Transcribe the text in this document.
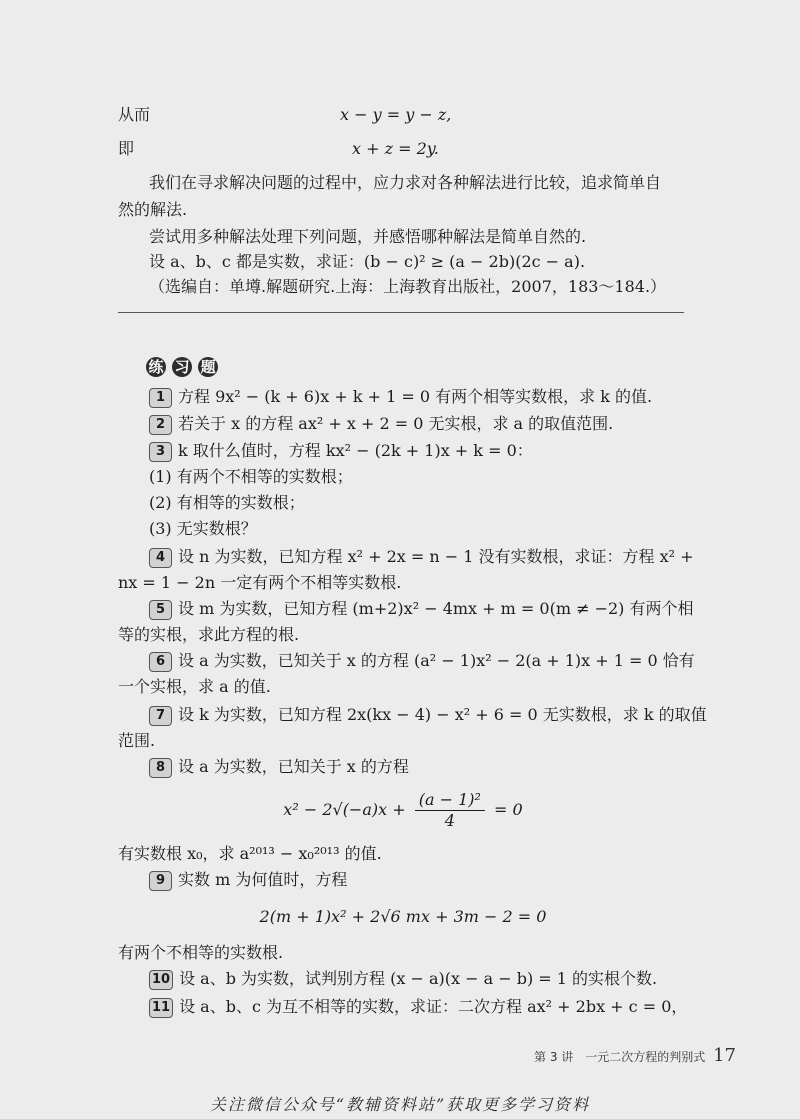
从而	x − y = y − z,
即	x + z = 2y.
我们在寻求解决问题的过程中，应力求对各种解法进行比较，追求简单自
然的解法.
尝试用多种解法处理下列问题，并感悟哪种解法是简单自然的.
设 a、b、c 都是实数，求证：(b − c)² ≥ (a − 2b)(2c − a).
（选编自：单墫.解题研究.上海：上海教育出版社，2007，183～184.）
练 习 题
1 方程 9x² − (k + 6)x + k + 1 = 0 有两个相等实数根，求 k 的值.
2 若关于 x 的方程 ax² + x + 2 = 0 无实根，求 a 的取值范围.
3 k 取什么值时，方程 kx² − (2k + 1)x + k = 0：
(1) 有两个不相等的实数根；
(2) 有相等的实数根；
(3) 无实数根？
4 设 n 为实数，已知方程 x² + 2x = n − 1 没有实数根，求证：方程 x² +
nx = 1 − 2n 一定有两个不相等实数根.
5 设 m 为实数，已知方程 (m+2)x² − 4mx + m = 0(m ≠ −2) 有两个相
等的实根，求此方程的根.
6 设 a 为实数，已知关于 x 的方程 (a² − 1)x² − 2(a + 1)x + 1 = 0 恰有
一个实根，求 a 的值.
7 设 k 为实数，已知方程 2x(kx − 4) − x² + 6 = 0 无实数根，求 k 的取值
范围.
8 设 a 为实数，已知关于 x 的方程
$x^2 - 2√(-a)x + \frac{\text{(a − 1)²}}{4} = 0$
有实数根 x₀，求 a²⁰¹³ − x₀²⁰¹³ 的值.
9 实数 m 为何值时，方程
2(m + 1)x² + 2√6 mx + 3m − 2 = 0
有两个不相等的实数根.
10 设 a、b 为实数，试判别方程 (x − a)(x − a − b) = 1 的实根个数.
11 设 a、b、c 为互不相等的实数，求证：二次方程 ax² + 2bx + c = 0，
第 3 讲　一元二次方程的判别式 17
关注微信公众号“教辅资料站”获取更多学习资料
